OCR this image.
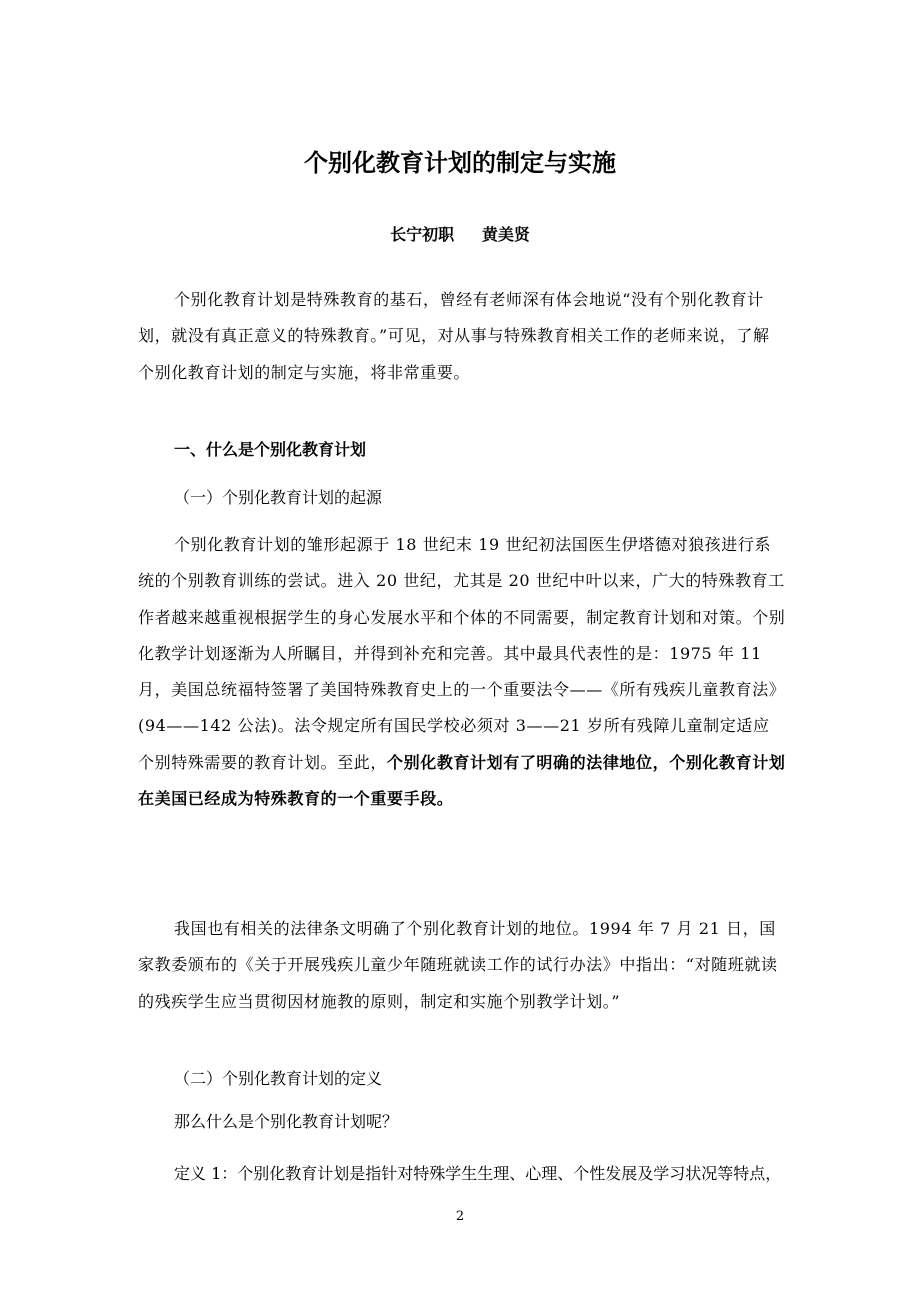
个别化教育计划的制定与实施
长宁初职     黄美贤

个别化教育计划是特殊教育的基石，曾经有老师深有体会地说“没有个别化教育计划，就没有真正意义的特殊教育。”可见，对从事与特殊教育相关工作的老师来说，了解个别化教育计划的制定与实施，将非常重要。

一、什么是个别化教育计划
（一）个别化教育计划的起源

个别化教育计划的雏形起源于 18 世纪末 19 世纪初法国医生伊塔德对狼孩进行系统的个别教育训练的尝试。进入 20 世纪，尤其是 20 世纪中叶以来，广大的特殊教育工作者越来越重视根据学生的身心发展水平和个体的不同需要，制定教育计划和对策。个别化教学计划逐渐为人所瞩目，并得到补充和完善。其中最具代表性的是：1975 年 11 月，美国总统福特签署了美国特殊教育史上的一个重要法令——《所有残疾儿童教育法》(94——142 公法)。法令规定所有国民学校必须对 3——21 岁所有残障儿童制定适应个别特殊需要的教育计划。至此，个别化教育计划有了明确的法律地位，个别化教育计划在美国已经成为特殊教育的一个重要手段。

我国也有相关的法律条文明确了个别化教育计划的地位。1994 年 7 月 21 日，国家教委颁布的《关于开展残疾儿童少年随班就读工作的试行办法》中指出：“对随班就读的残疾学生应当贯彻因材施教的原则，制定和实施个别教学计划。”

（二）个别化教育计划的定义
那么什么是个别化教育计划呢？
定义 1：个别化教育计划是指针对特殊学生生理、心理、个性发展及学习状况等特点，
2
